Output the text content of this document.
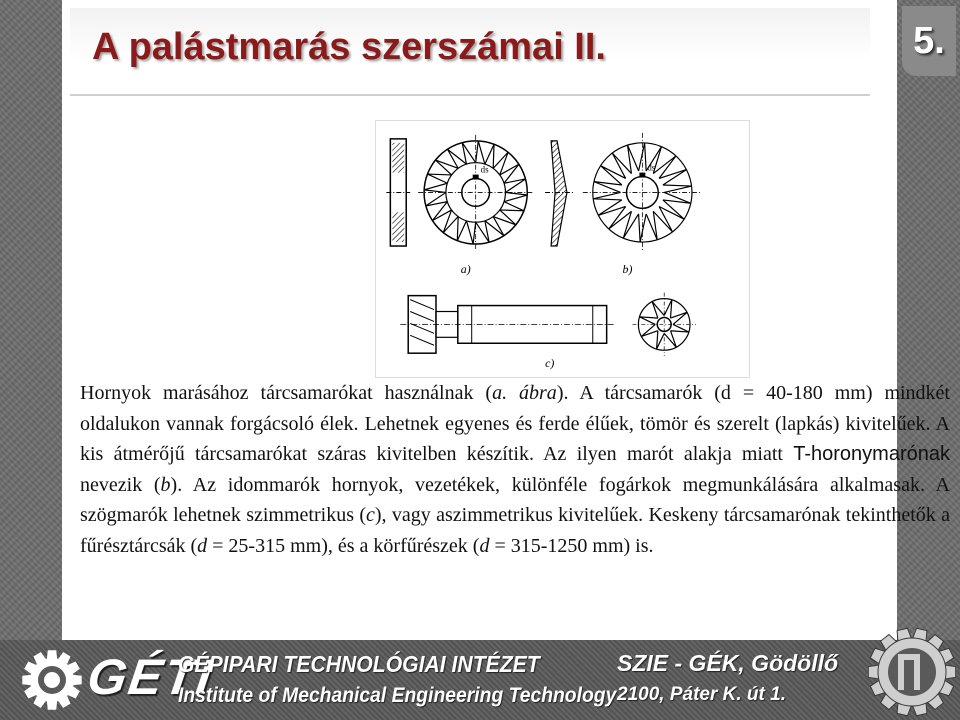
A palástmarás szerszámai II.	5.
ds
a)
ds
b)
c)
Hornyok marásához tárcsamarókat használnak (a. ábra). A tárcsamarók (d = 40-180 mm) mindkét oldalukon vannak forgácsoló élek. Lehetnek egyenes és ferde élűek, tömör és szerelt (lapkás) kivitelűek. A kis átmérőjű tárcsamarókat száras kivitelben készítik. Az ilyen marót alakja miatt T-horonymarónak nevezik (b). Az idommarók hornyok, vezetékek, különféle fogárkok megmunkálására alkalmasak. A szögmarók lehetnek szimmetrikus (c), vagy aszimmetrikus kivitelűek. Keskeny tárcsamarónak tekinthetők a fűrésztárcsák (d = 25-315 mm), és a körfűrészek (d = 315-1250 mm) is.
GÉTI
GÉPIPARI TECHNOLÓGIAI INTÉZET
Institute of Mechanical Engineering Technology
SZIE - GÉK, Gödöllő
2100, Páter K. út 1.
